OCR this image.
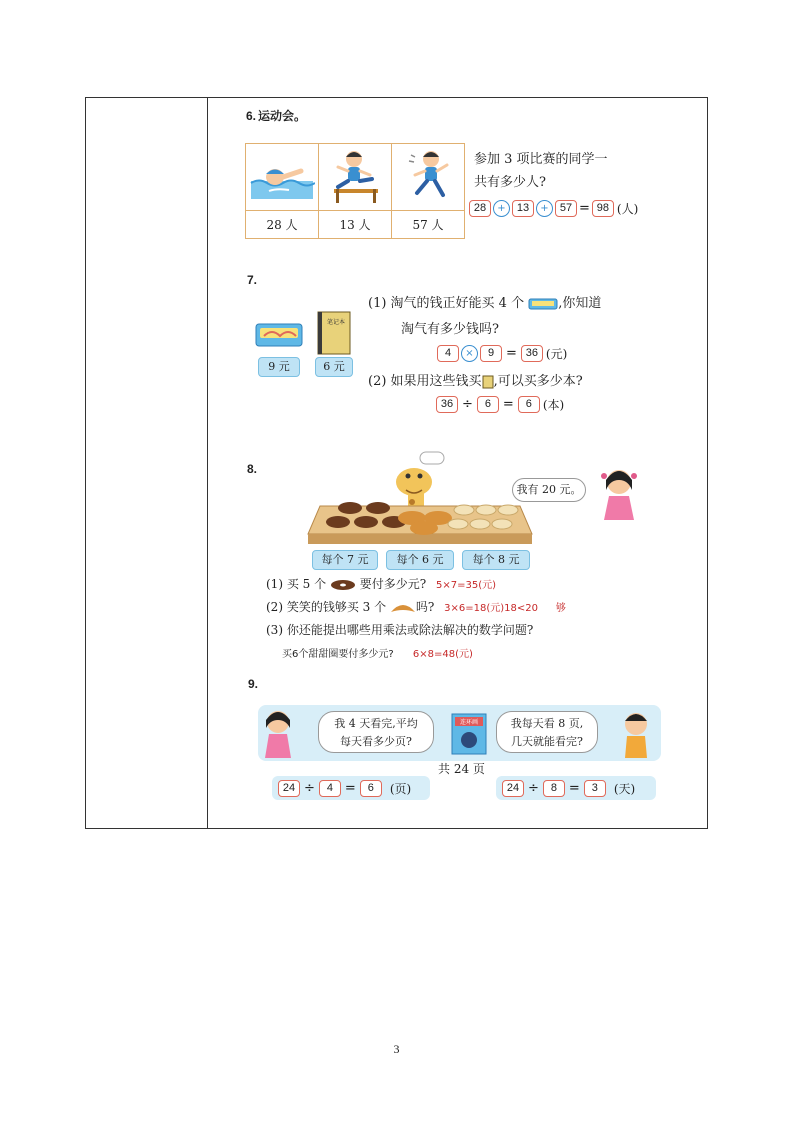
6. 运动会。

28 人	13 人	57 人
参加 3 项比赛的同学一
共有多少人?
28 + 13 + 57 = 98 (人)
7.
笔记本
9 元	6 元
(1) 淘气的钱正好能买 4 个	,你知道
淘气有多少钱吗?
4 × 9 = 36 (元)
(2) 如果用这些钱买 ,可以买多少本?
36 ÷ 6 = 6 (本)
8.
我有 20 元。
每个 7 元	每个 6 元	每个 8 元
(1) 买 5 个	要付多少元? 5×7=35(元)
(2) 笑笑的钱够买 3 个 吗? 3×6=18(元)18<20 够
(3) 你还能提出哪些用乘法或除法解决的数学问题?
买6个甜甜圈要付多少元? 6×8=48(元)
9.
我 4 天看完,平均
每天看多少页?
连环画
共 24 页
我每天看 8 页,
几天就能看完?
24 ÷ 4 = 6 (页)	24 ÷ 8 = 3 (天)
3
